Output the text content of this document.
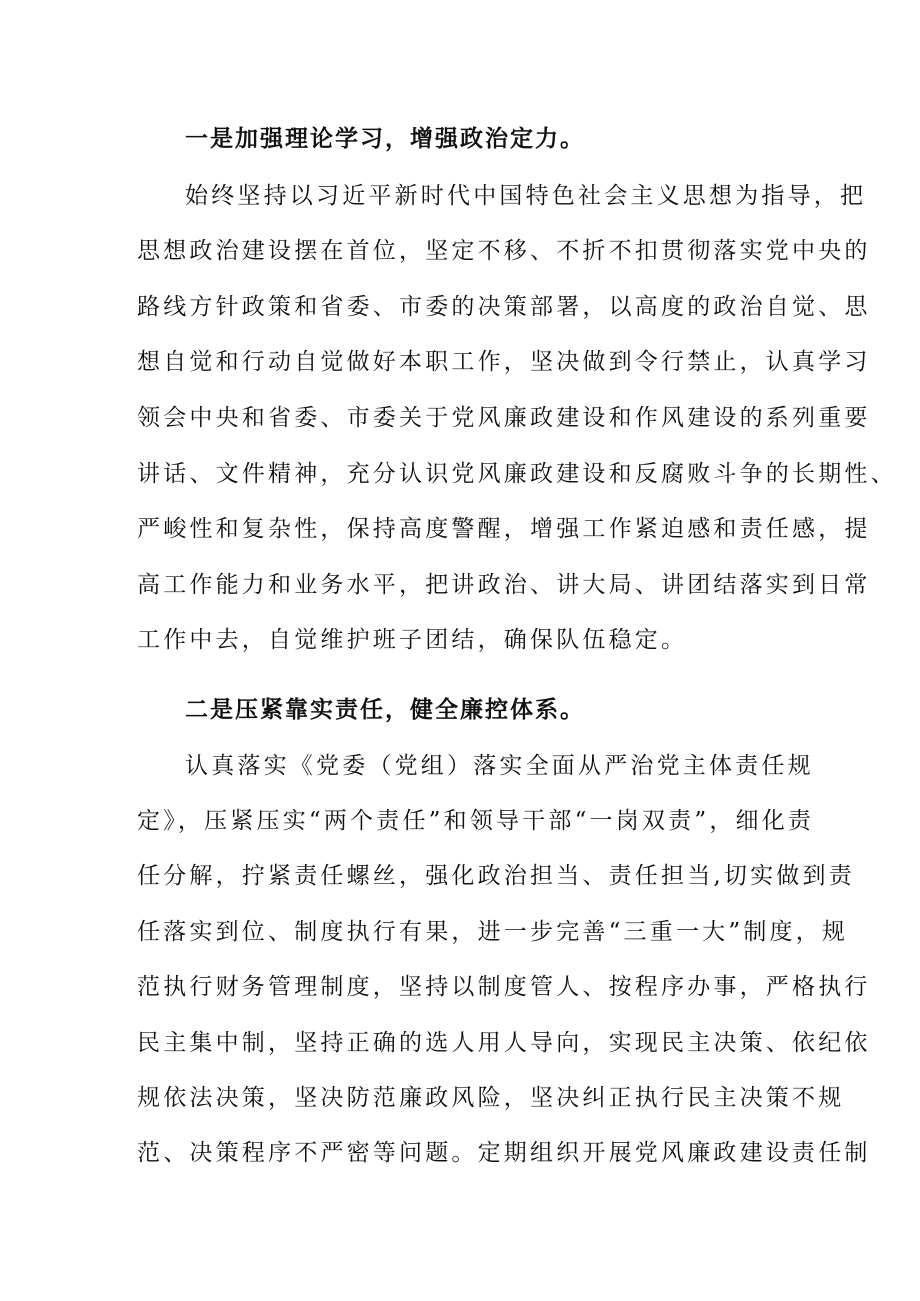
一是加强理论学习，增强政治定力。
始终坚持以习近平新时代中国特色社会主义思想为指导，把
思想政治建设摆在首位，坚定不移、不折不扣贯彻落实党中央的
路线方针政策和省委、市委的决策部署，以高度的政治自觉、思
想自觉和行动自觉做好本职工作，坚决做到令行禁止，认真学习
领会中央和省委、市委关于党风廉政建设和作风建设的系列重要
讲话、文件精神，充分认识党风廉政建设和反腐败斗争的长期性、
严峻性和复杂性，保持高度警醒，增强工作紧迫感和责任感，提
高工作能力和业务水平，把讲政治、讲大局、讲团结落实到日常
工作中去，自觉维护班子团结，确保队伍稳定。
二是压紧靠实责任，健全廉控体系。
认真落实《党委（党组）落实全面从严治党主体责任规
定》，压紧压实“两个责任”和领导干部“一岗双责”，细化责
任分解，拧紧责任螺丝，强化政治担当、责任担当,切实做到责
任落实到位、制度执行有果，进一步完善“三重一大”制度，规
范执行财务管理制度，坚持以制度管人、按程序办事，严格执行
民主集中制，坚持正确的选人用人导向，实现民主决策、依纪依
规依法决策，坚决防范廉政风险，坚决纠正执行民主决策不规
范、决策程序不严密等问题。定期组织开展党风廉政建设责任制
